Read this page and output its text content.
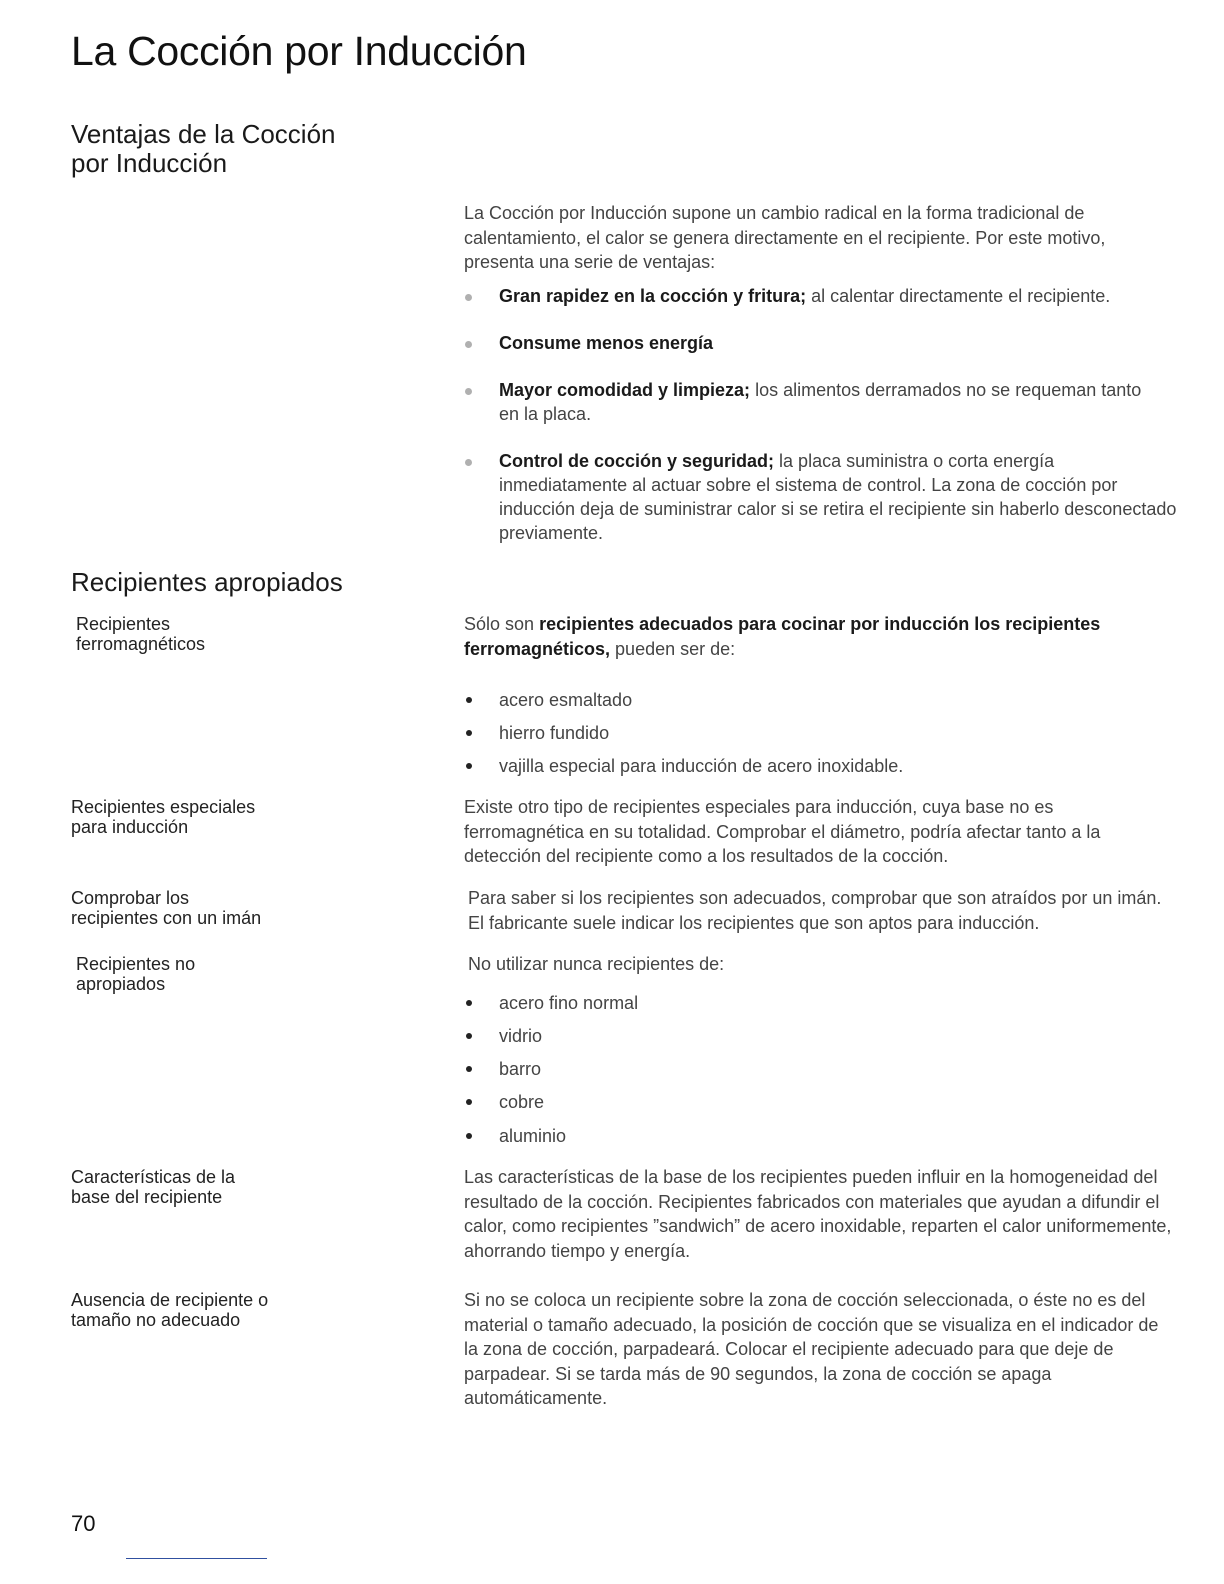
La Cocción por Inducción
Ventajas de la Cocción
por Inducción
La Cocción por Inducción supone un cambio radical en la forma tradicional de calentamiento, el calor se genera directamente en el recipiente. Por este motivo, presenta una serie de ventajas:
Gran rapidez en la cocción y fritura; al calentar directamente el recipiente.
Consume menos energía
Mayor comodidad y limpieza; los alimentos derramados no se requeman tanto en la placa.
Control de cocción y seguridad; la placa suministra o corta energía inmediatamente al actuar sobre el sistema de control. La zona de cocción por inducción deja de suministrar calor si se retira el recipiente sin haberlo desconectado previamente.
Recipientes apropiados
Recipientes
ferromagnéticos
Sólo son recipientes adecuados para cocinar por inducción los recipientes ferromagnéticos, pueden ser de:
acero esmaltado
hierro fundido
vajilla especial para inducción de acero inoxidable.
Recipientes especiales
para inducción
Existe otro tipo de recipientes especiales para inducción, cuya base no es ferromagnética en su totalidad. Comprobar el diámetro, podría afectar tanto a la detección del recipiente como a los resultados de la cocción.
Comprobar los
recipientes con un imán
Para saber si los recipientes son adecuados, comprobar que son atraídos por un imán. El fabricante suele indicar los recipientes que son aptos para inducción.
Recipientes no
apropiados
No utilizar nunca recipientes de:
acero fino normal
vidrio
barro
cobre
aluminio
Características de la
base del recipiente
Las características de la base de los recipientes pueden influir en la homogeneidad del resultado de la cocción. Recipientes fabricados con materiales que ayudan a difundir el calor, como recipientes ”sandwich” de acero inoxidable, reparten el calor uniformemente, ahorrando tiempo y energía.
Ausencia de recipiente o
tamaño no adecuado
Si no se coloca un recipiente sobre la zona de cocción seleccionada, o éste no es del material o tamaño adecuado, la posición de cocción que se visualiza en el indicador de la zona de cocción, parpadeará. Colocar el recipiente adecuado para que deje de parpadear. Si se tarda más de 90 segundos, la zona de cocción se apaga automáticamente.
70
